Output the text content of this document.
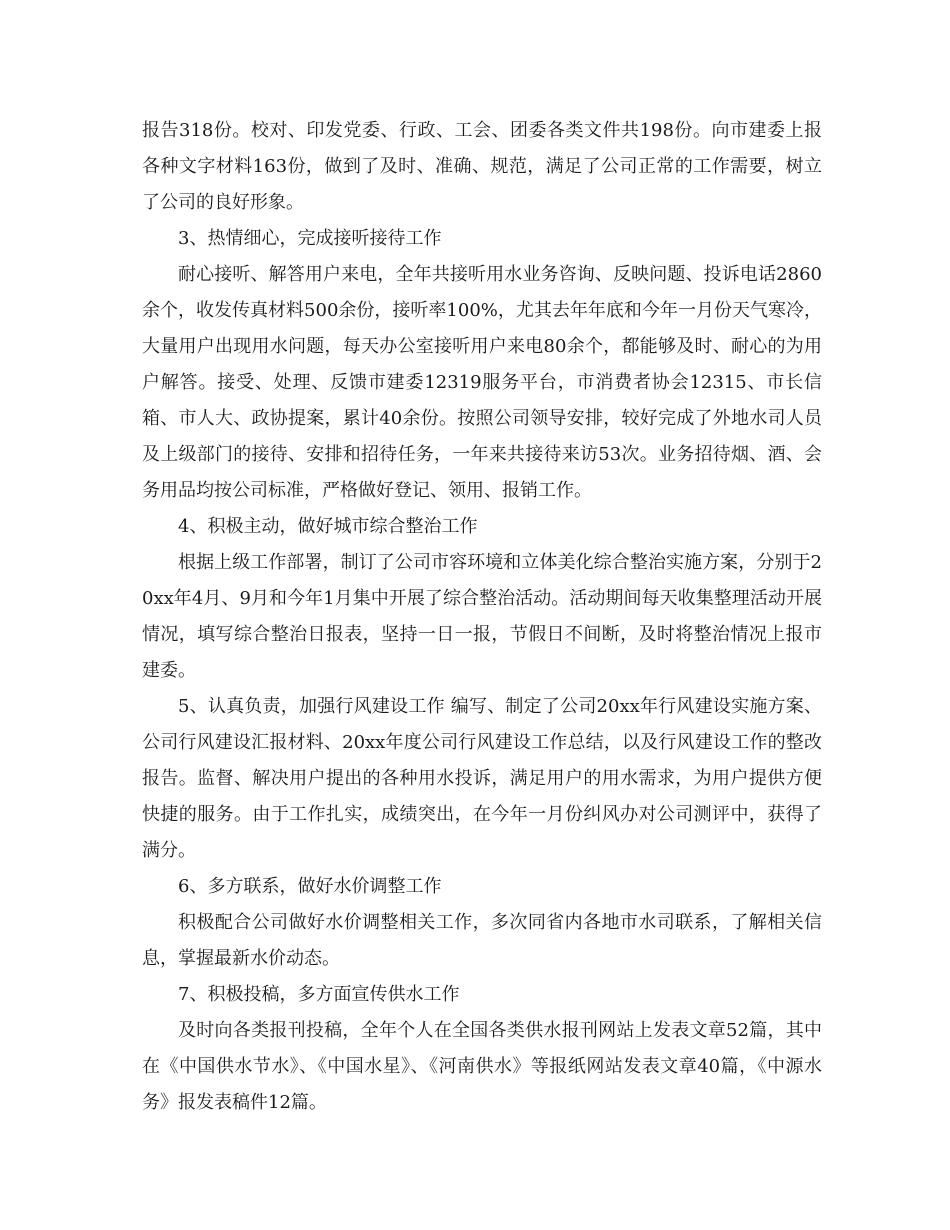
报告318份。校对、印发党委、行政、工会、团委各类文件共198份。向市建委上报各种文字材料163份，做到了及时、准确、规范，满足了公司正常的工作需要，树立了公司的良好形象。

3、热情细心，完成接听接待工作

耐心接听、解答用户来电，全年共接听用水业务咨询、反映问题、投诉电话2860余个，收发传真材料500余份，接听率100%，尤其去年年底和今年一月份天气寒冷，大量用户出现用水问题，每天办公室接听用户来电80余个，都能够及时、耐心的为用户解答。接受、处理、反馈市建委12319服务平台，市消费者协会12315、市长信箱、市人大、政协提案，累计40余份。按照公司领导安排，较好完成了外地水司人员及上级部门的接待、安排和招待任务，一年来共接待来访53次。业务招待烟、酒、会务用品均按公司标准，严格做好登记、领用、报销工作。

4、积极主动，做好城市综合整治工作

根据上级工作部署，制订了公司市容环境和立体美化综合整治实施方案，分别于20xx年4月、9月和今年1月集中开展了综合整治活动。活动期间每天收集整理活动开展情况，填写综合整治日报表，坚持一日一报，节假日不间断，及时将整治情况上报市建委。

5、认真负责，加强行风建设工作 编写、制定了公司20xx年行风建设实施方案、公司行风建设汇报材料、20xx年度公司行风建设工作总结，以及行风建设工作的整改报告。监督、解决用户提出的各种用水投诉，满足用户的用水需求，为用户提供方便快捷的服务。由于工作扎实，成绩突出，在今年一月份纠风办对公司测评中，获得了满分。

6、多方联系，做好水价调整工作

积极配合公司做好水价调整相关工作，多次同省内各地市水司联系，了解相关信息，掌握最新水价动态。

7、积极投稿，多方面宣传供水工作

及时向各类报刊投稿，全年个人在全国各类供水报刊网站上发表文章52篇，其中在《中国供水节水》、《中国水星》、《河南供水》等报纸网站发表文章40篇，《中源水务》报发表稿件12篇。
